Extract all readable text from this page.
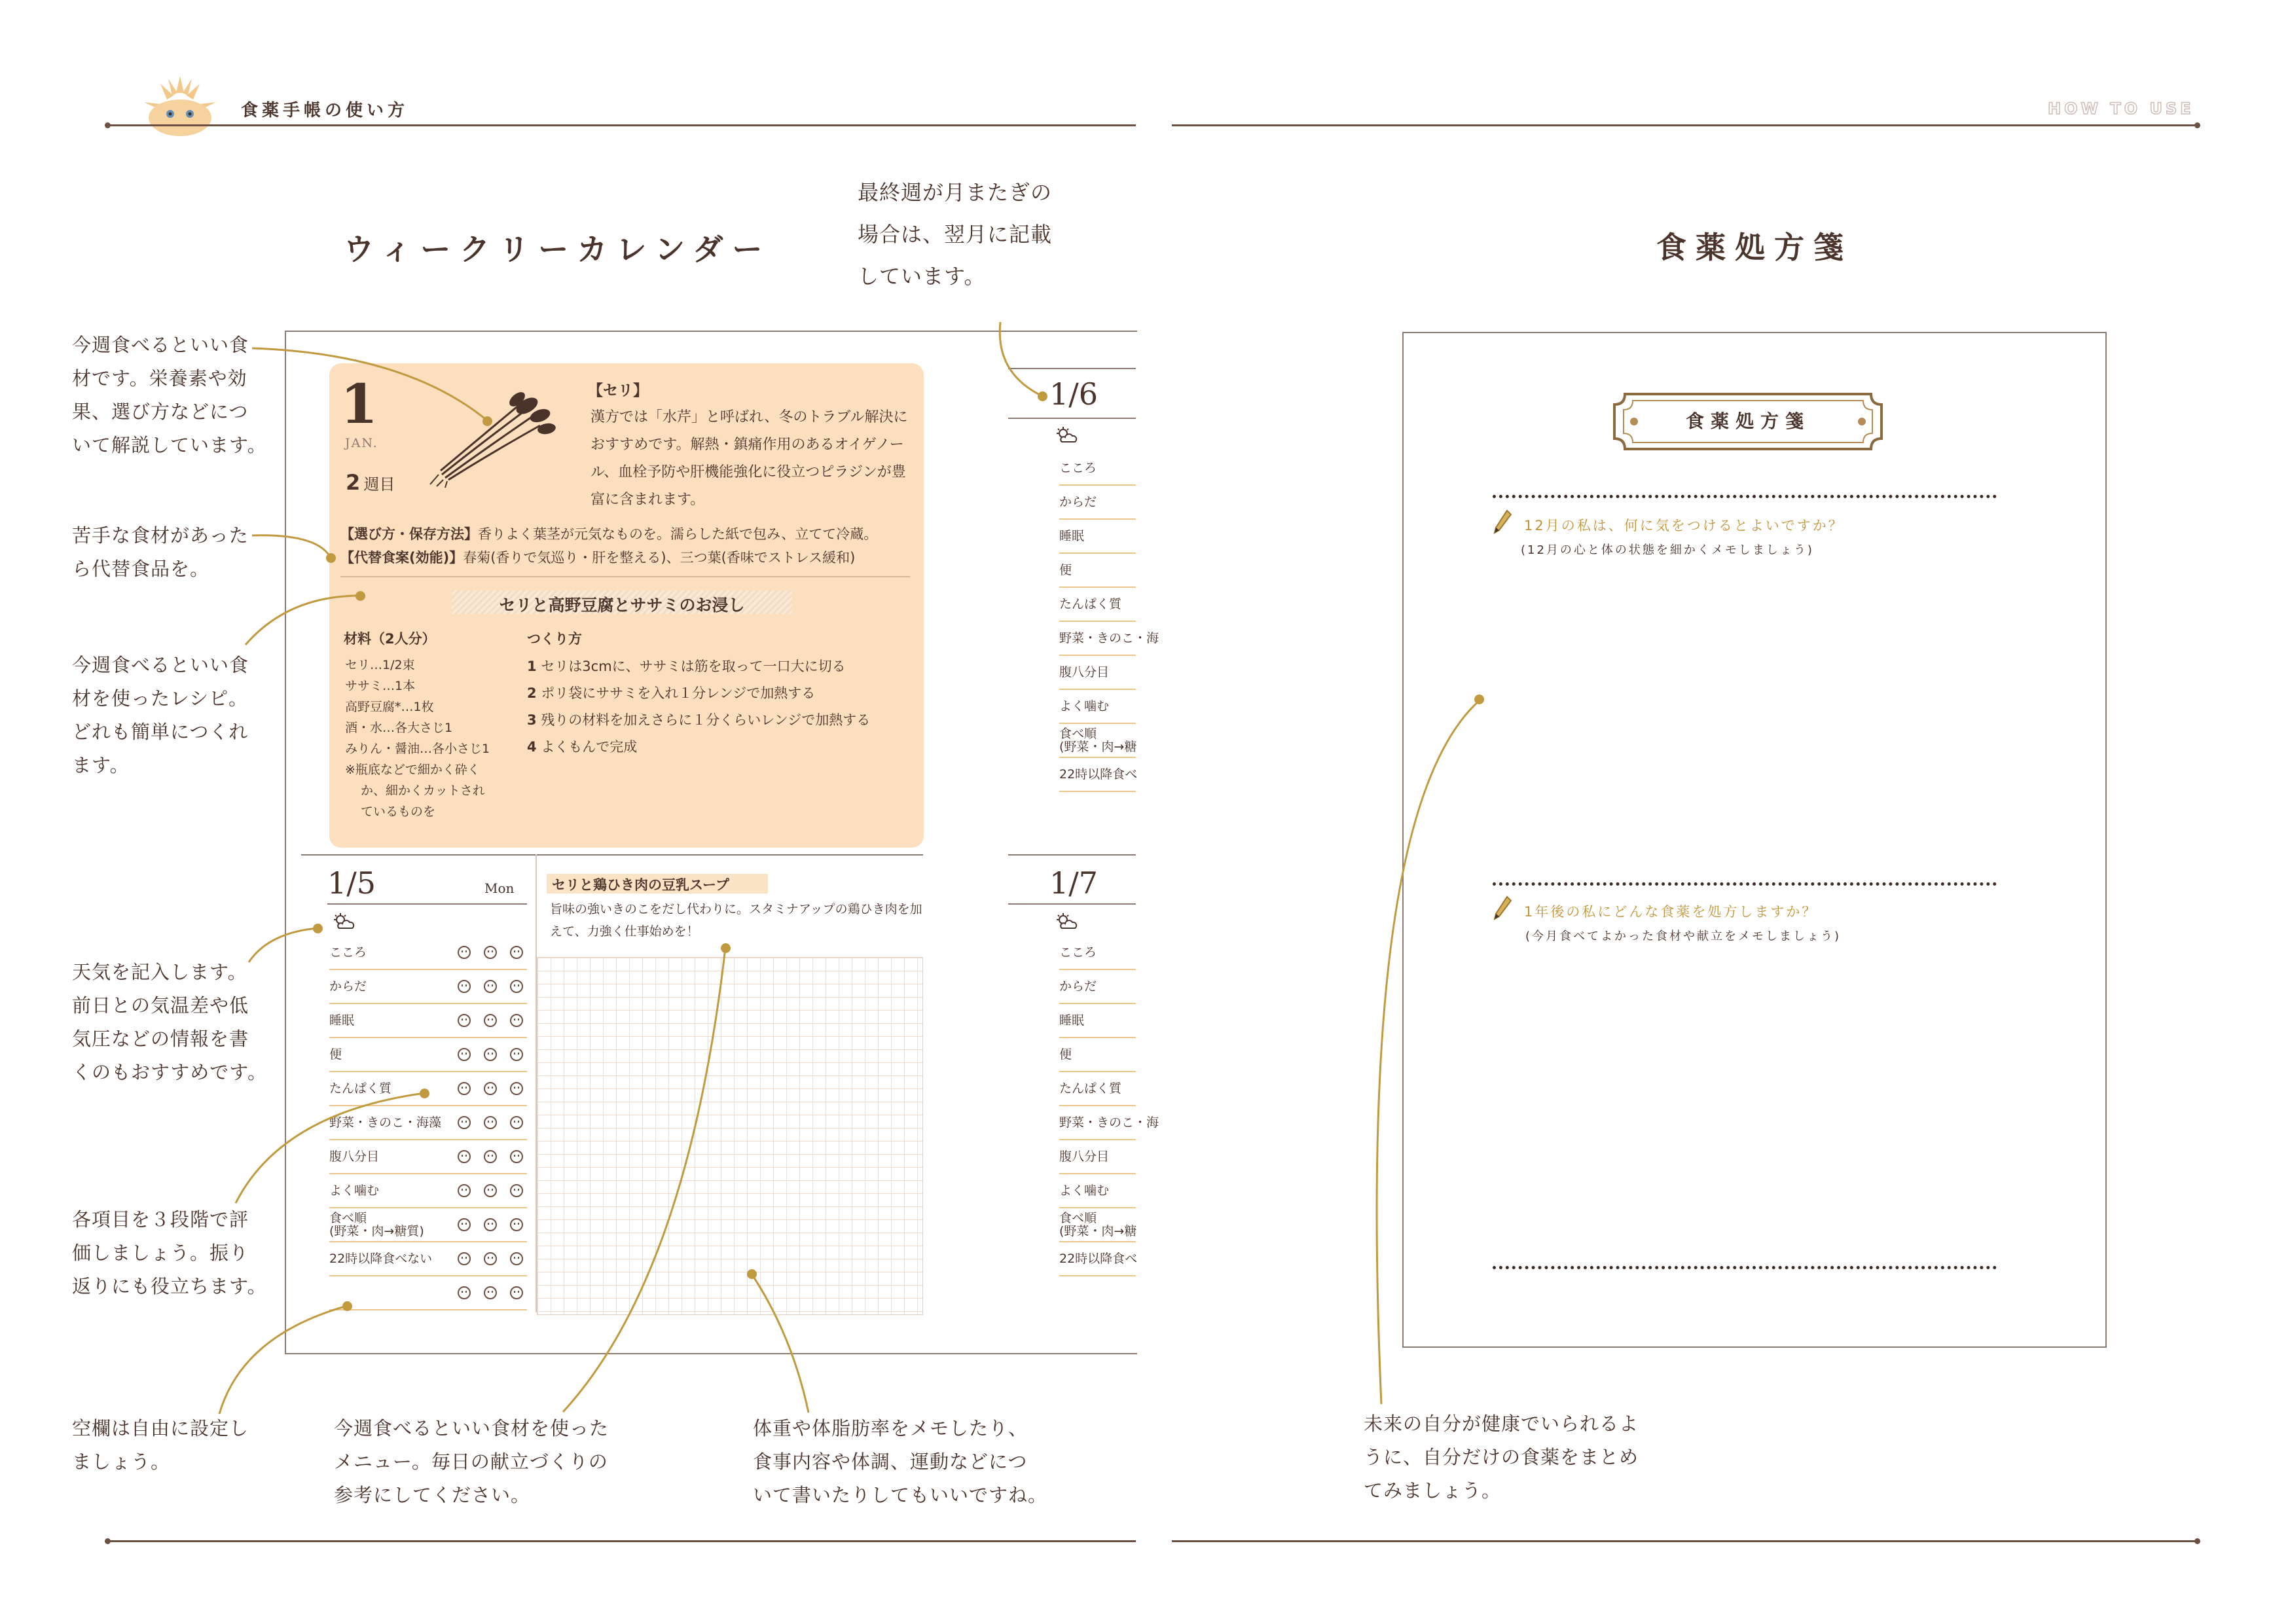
食薬手帳の使い方	HOW TO USE
ウィークリーカレンダー
最終週が月またぎの
場合は、翌月に記載
しています。
今週食べるといい食
材です。栄養素や効
果、選び方などにつ
いて解説しています。
苦手な食材があった
ら代替食品を。
今週食べるといい食
材を使ったレシピ。
どれも簡単につくれ
ます。
天気を記入します。
前日との気温差や低
気圧などの情報を書
くのもおすすめです。
各項目を３段階で評
価しましょう。振り
返りにも役立ちます。
空欄は自由に設定し
ましょう。
今週食べるといい食材を使った
メニュー。毎日の献立づくりの
参考にしてください。
体重や体脂肪率をメモしたり、
食事内容や体調、運動などにつ
いて書いたりしてもいいですね。
1
JAN.
2 週目
【セリ】
漢方では「水芹」と呼ばれ、冬のトラブル解決におすすめです。解熱・鎮痛作用のあるオイゲノール、血栓予防や肝機能強化に役立つピラジンが豊富に含まれます。
【選び方・保存方法】香りよく葉茎が元気なものを。濡らした紙で包み、立てて冷蔵。
【代替食案(効能)】春菊(香りで気巡り・肝を整える)、三つ葉(香味でストレス緩和)
セリと高野豆腐とササミのお浸し
材料（2人分）
セリ…1/2束
ササミ…1本
高野豆腐*…1枚
酒・水…各大さじ1
みりん・醤油…各小さじ1
※瓶底などで細かく砕く
か、細かくカットされ
ているものを
つくり方
1 セリは3cmに、ササミは筋を取って一口大に切る
2 ポリ袋にササミを入れ１分レンジで加熱する
3 残りの材料を加えさらに１分くらいレンジで加熱する
4 よくもんで完成
1/5	Mon
こころ
からだ
睡眠
便
たんぱく質
野菜・きのこ・海藻
腹八分目
よく噛む
食べ順
(野菜・肉→糖質)
22時以降食べない
セリと鶏ひき肉の豆乳スープ
旨味の強いきのこをだし代わりに。スタミナアップの鶏ひき肉を加えて、力強く仕事始めを！
1/6
こころ
からだ
睡眠
便
たんぱく質
野菜・きのこ・海
腹八分目
よく噛む
食べ順
(野菜・肉→糖
22時以降食べ
1/7
こころ
からだ
睡眠
便
たんぱく質
野菜・きのこ・海
腹八分目
よく噛む
食べ順
(野菜・肉→糖
22時以降食べ
食薬処方箋
食薬処方箋
12月の私は、何に気をつけるとよいですか？
(12月の心と体の状態を細かくメモしましょう)
1年後の私にどんな食薬を処方しますか？
(今月食べてよかった食材や献立をメモしましょう)
未来の自分が健康でいられるよ
うに、自分だけの食薬をまとめ
てみましょう。
